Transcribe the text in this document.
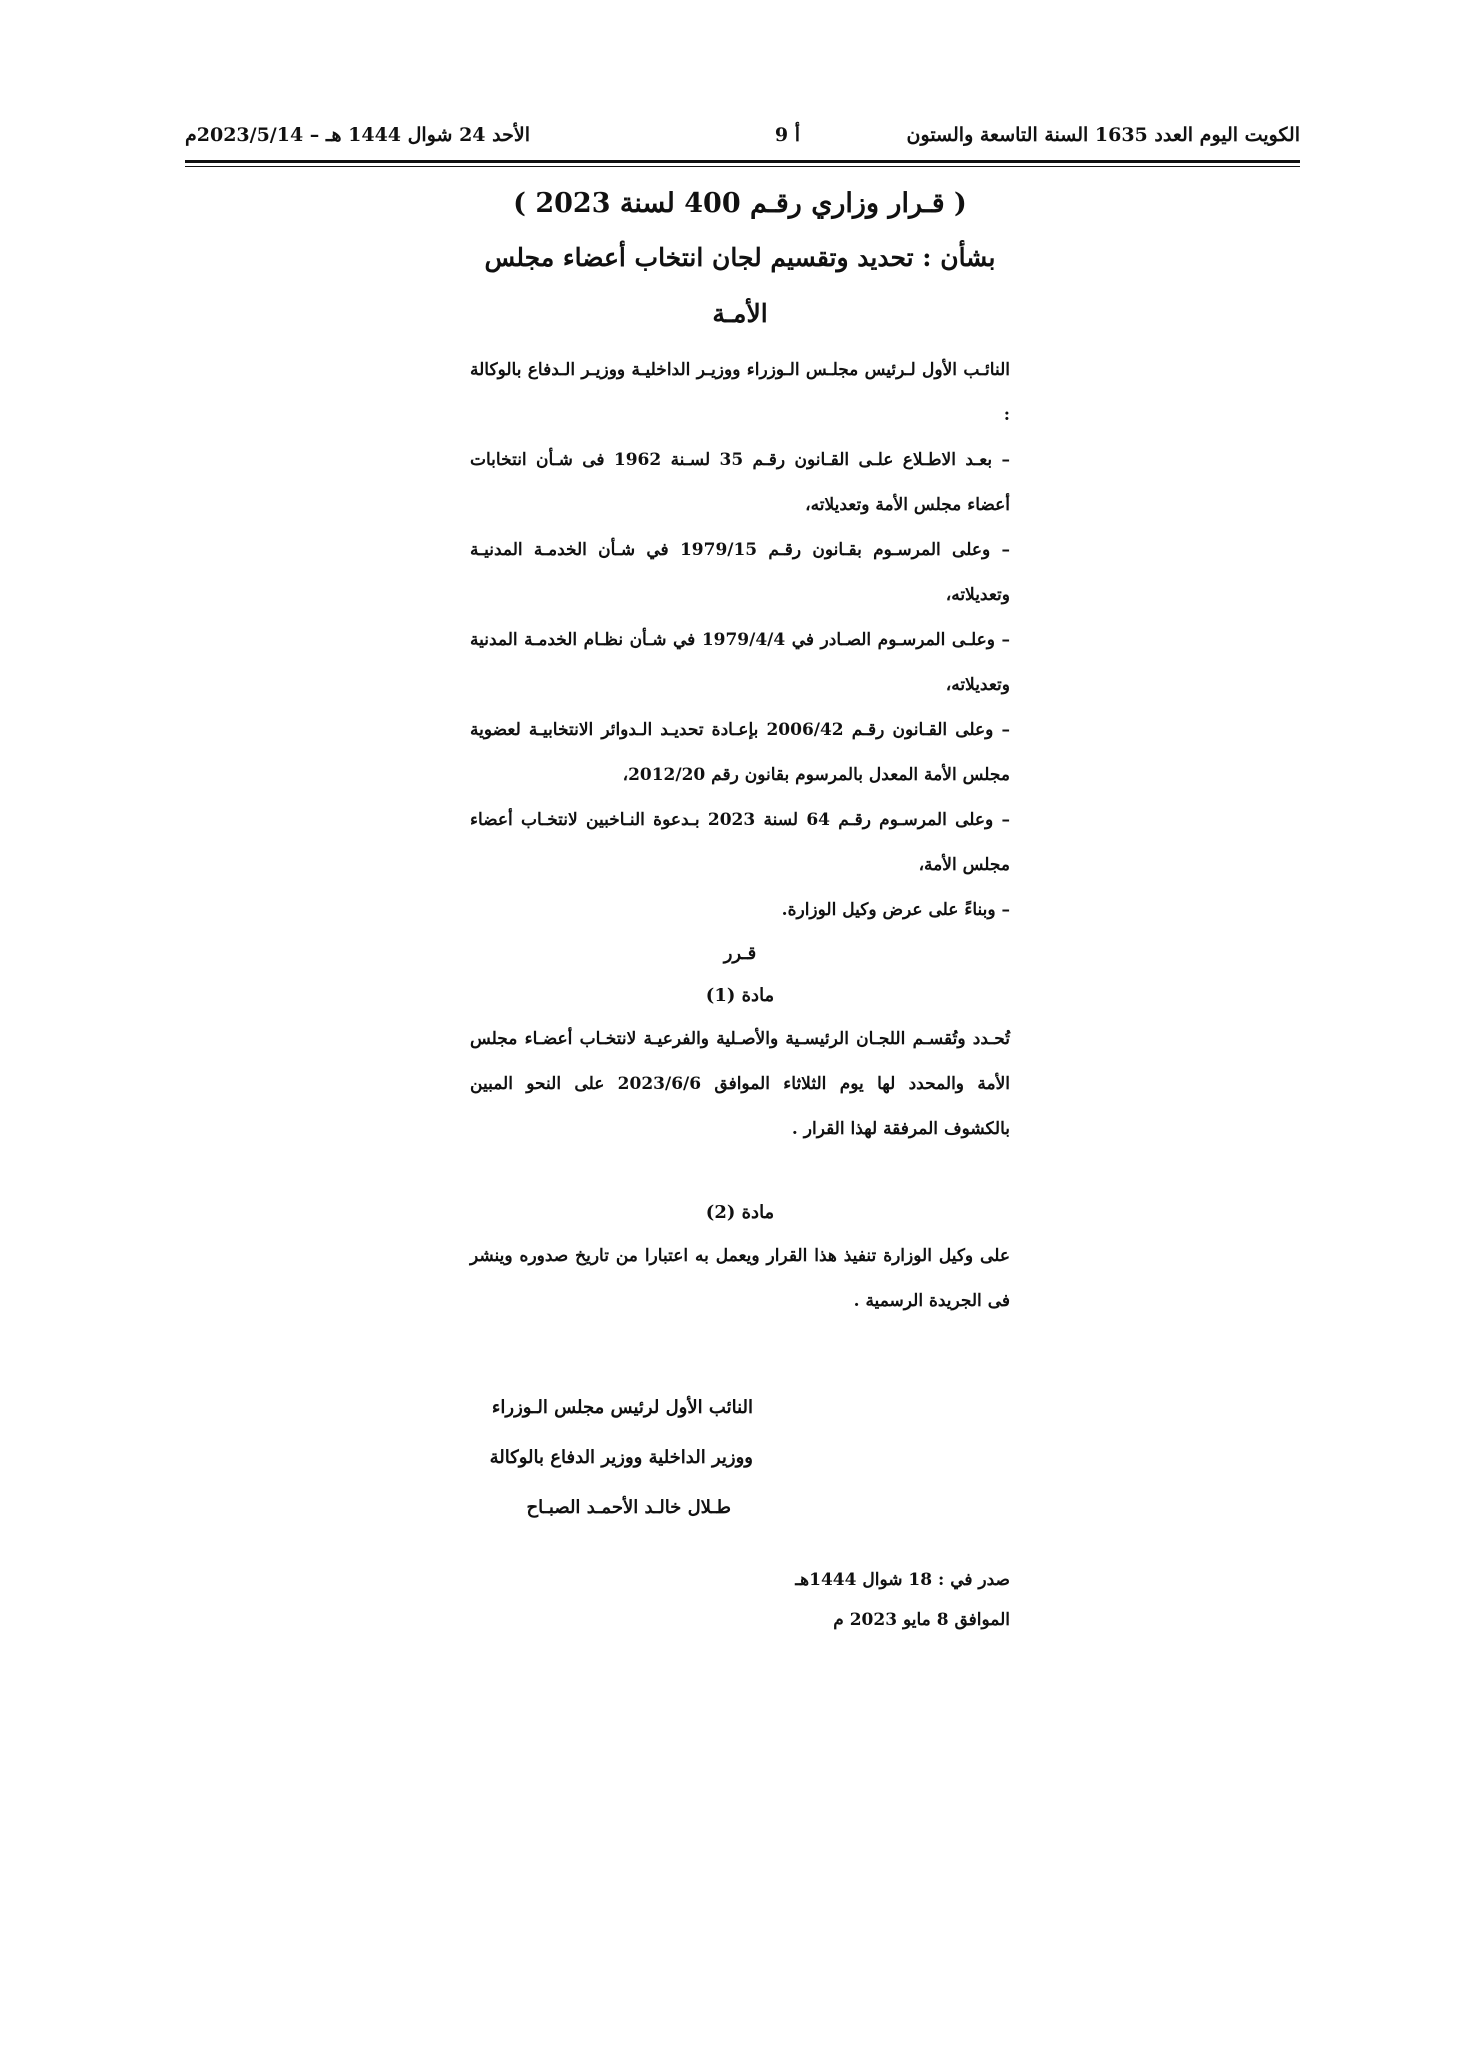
الكويت اليوم العدد 1635 السنة التاسعة والستون
أ 9
الأحد 24 شوال 1444 هـ – 2023/5/14م
( قـرار وزاري رقـم 400 لسنة 2023 )
بشأن : تحديد وتقسيم لجان انتخاب أعضاء مجلس
الأمـة
النائـب الأول لـرئيس مجلـس الـوزراء ووزيـر الداخليـة ووزيـر الـدفاع بالوكالة :
– بعـد الاطـلاع علـى القـانون رقـم 35 لسـنة 1962 فى شـأن انتخابات أعضاء مجلس الأمة وتعديلاته،
– وعلى المرسـوم بقـانون رقـم 1979/15 في شـأن الخدمـة المدنيـة وتعديلاته،
– وعلـى المرسـوم الصـادر في 1979/4/4 في شـأن نظـام الخدمـة المدنية وتعديلاته،
– وعلى القـانون رقـم 2006/42 بإعـادة تحديـد الـدوائر الانتخابيـة لعضوية مجلس الأمة المعدل بالمرسوم بقانون رقم 2012/20،
– وعلى المرسـوم رقـم 64 لسنة 2023 بـدعوة النـاخبين لانتخـاب أعضاء مجلس الأمة،
– وبناءً على عرض وكيل الوزارة.
قـرر
مادة (1)
تُحـدد وتُقسـم اللجـان الرئيسـية والأصـلية والفرعيـة لانتخـاب أعضـاء مجلس الأمة والمحدد لها يوم الثلاثاء الموافق 2023/6/6 على النحو المبين بالكشوف المرفقة لهذا القرار .
مادة (2)
على وكيل الوزارة تنفيذ هذا القرار ويعمل به اعتبارا من تاريخ صدوره وينشر فى الجريدة الرسمية .
النائب الأول لرئيس مجلس الـوزراء
ووزير الداخلية ووزير الدفاع بالوكالة
طـلال خالـد الأحمـد الصبـاح
صدر في : 18 شوال 1444هـ
الموافق 8 مايو 2023 م
